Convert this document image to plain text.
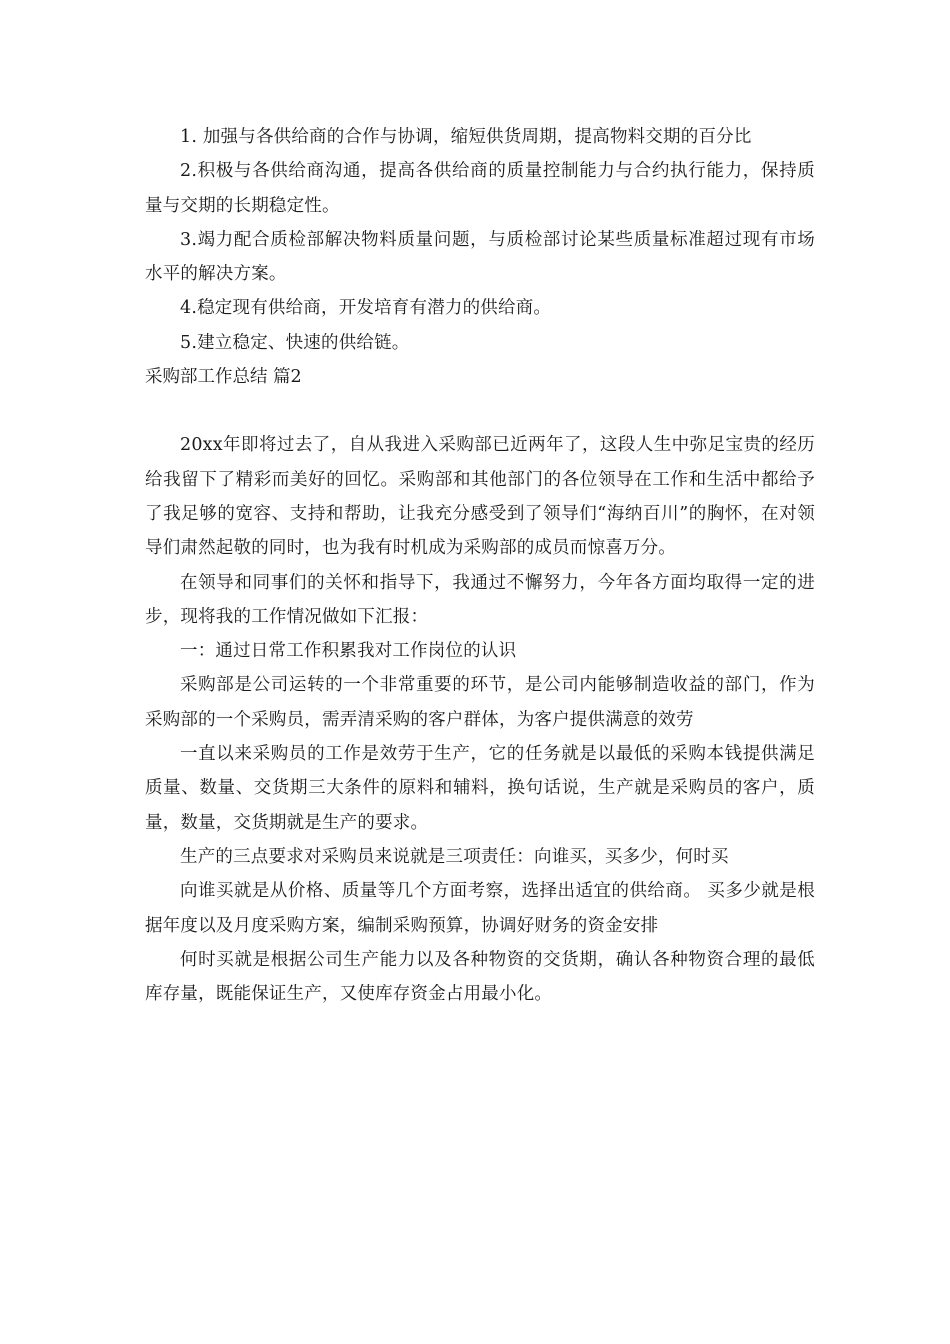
1. 加强与各供给商的合作与协调，缩短供货周期，提高物料交期的百分比

2.积极与各供给商沟通，提高各供给商的质量控制能力与合约执行能力，保持质量与交期的长期稳定性。

3.竭力配合质检部解决物料质量问题，与质检部讨论某些质量标准超过现有市场水平的解决方案。

4.稳定现有供给商，开发培育有潜力的供给商。

5.建立稳定、快速的供给链。

采购部工作总结 篇2

20xx年即将过去了，自从我进入采购部已近两年了，这段人生中弥足宝贵的经历给我留下了精彩而美好的回忆。采购部和其他部门的各位领导在工作和生活中都给予了我足够的宽容、支持和帮助，让我充分感受到了领导们“海纳百川”的胸怀，在对领导们肃然起敬的同时，也为我有时机成为采购部的成员而惊喜万分。

在领导和同事们的关怀和指导下，我通过不懈努力，今年各方面均取得一定的进步，现将我的工作情况做如下汇报：

一：通过日常工作积累我对工作岗位的认识

采购部是公司运转的一个非常重要的环节，是公司内能够制造收益的部门，作为采购部的一个采购员，需弄清采购的客户群体，为客户提供满意的效劳

一直以来采购员的工作是效劳于生产，它的任务就是以最低的采购本钱提供满足质量、数量、交货期三大条件的原料和辅料，换句话说，生产就是采购员的客户，质量，数量，交货期就是生产的要求。

生产的三点要求对采购员来说就是三项责任：向谁买，买多少，何时买

向谁买就是从价格、质量等几个方面考察，选择出适宜的供给商。 买多少就是根据年度以及月度采购方案，编制采购预算，协调好财务的资金安排

何时买就是根据公司生产能力以及各种物资的交货期，确认各种物资合理的最低库存量，既能保证生产，又使库存资金占用最小化。
